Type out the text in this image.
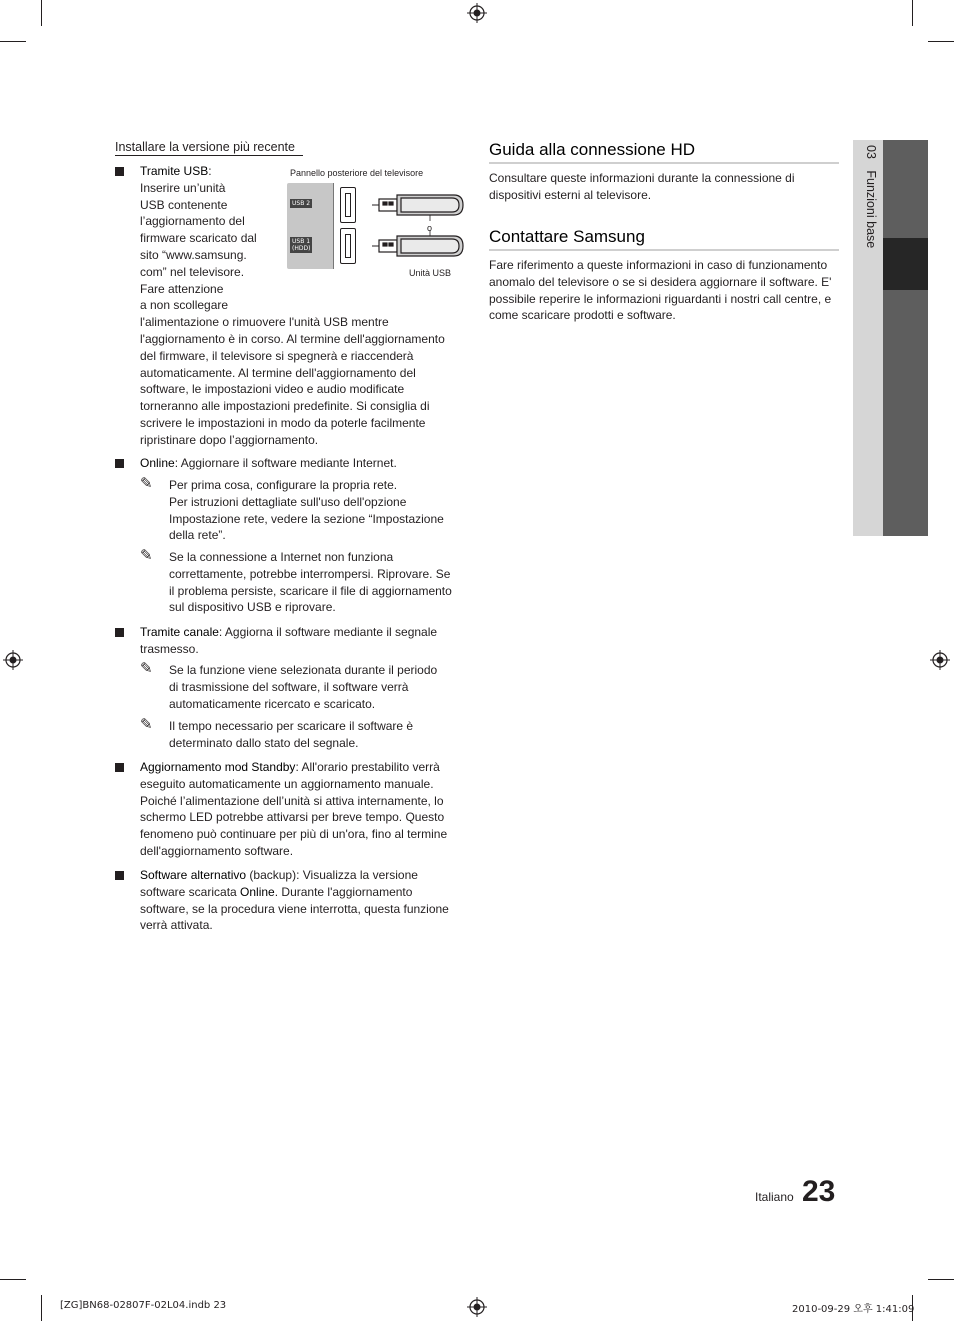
03 Funzioni base
Installare la versione più recente
Tramite USB:
Inserire un’unità
USB contenente
l’aggiornamento del
firmware scaricato dal
sito “www.samsung.
com” nel televisore.
Fare attenzione
a non scollegare
l'alimentazione o rimuovere l'unità USB mentre
l'aggiornamento è in corso. Al termine dell'aggiornamento
del firmware, il televisore si spegnerà e riaccenderà
automaticamente. Al termine dell'aggiornamento del
software, le impostazioni video e audio modificate
torneranno alle impostazioni predefinite. Si consiglia di
scrivere le impostazioni in modo da poterle facilmente
ripristinare dopo l’aggiornamento.
Pannello posteriore del televisore
USB 2
USB 1
(HDD)
o
Unità USB
Online: Aggiornare il software mediante Internet.
✎ Per prima cosa, configurare la propria rete.
Per istruzioni dettagliate sull'uso dell'opzione
Impostazione rete, vedere la sezione “Impostazione
della rete”.
✎ Se la connessione a Internet non funziona
correttamente, potrebbe interrompersi. Riprovare. Se
il problema persiste, scaricare il file di aggiornamento
sul dispositivo USB e riprovare.
Tramite canale: Aggiorna il software mediante il segnale
trasmesso.
✎ Se la funzione viene selezionata durante il periodo
di trasmissione del software, il software verrà
automaticamente ricercato e scaricato.
✎ Il tempo necessario per scaricare il software è
determinato dallo stato del segnale.
Aggiornamento mod Standby: All'orario prestabilito verrà
eseguito automaticamente un aggiornamento manuale.
Poiché l’alimentazione dell’unità si attiva internamente, lo
schermo LED potrebbe attivarsi per breve tempo. Questo
fenomeno può continuare per più di un'ora, fino al termine
dell'aggiornamento software.
Software alternativo (backup): Visualizza la versione
software scaricata Online. Durante l'aggiornamento
software, se la procedura viene interrotta, questa funzione
verrà attivata.
Guida alla connessione HD
Consultare queste informazioni durante la connessione di
dispositivi esterni al televisore.
Contattare Samsung
Fare riferimento a queste informazioni in caso di funzionamento
anomalo del televisore o se si desidera aggiornare il software. E'
possibile reperire le informazioni riguardanti i nostri call centre, e
come scaricare prodotti e software.
Italiano 23
[ZG]BN68-02807F-02L04.indb 23	2010-09-29 오후 1:41:09
